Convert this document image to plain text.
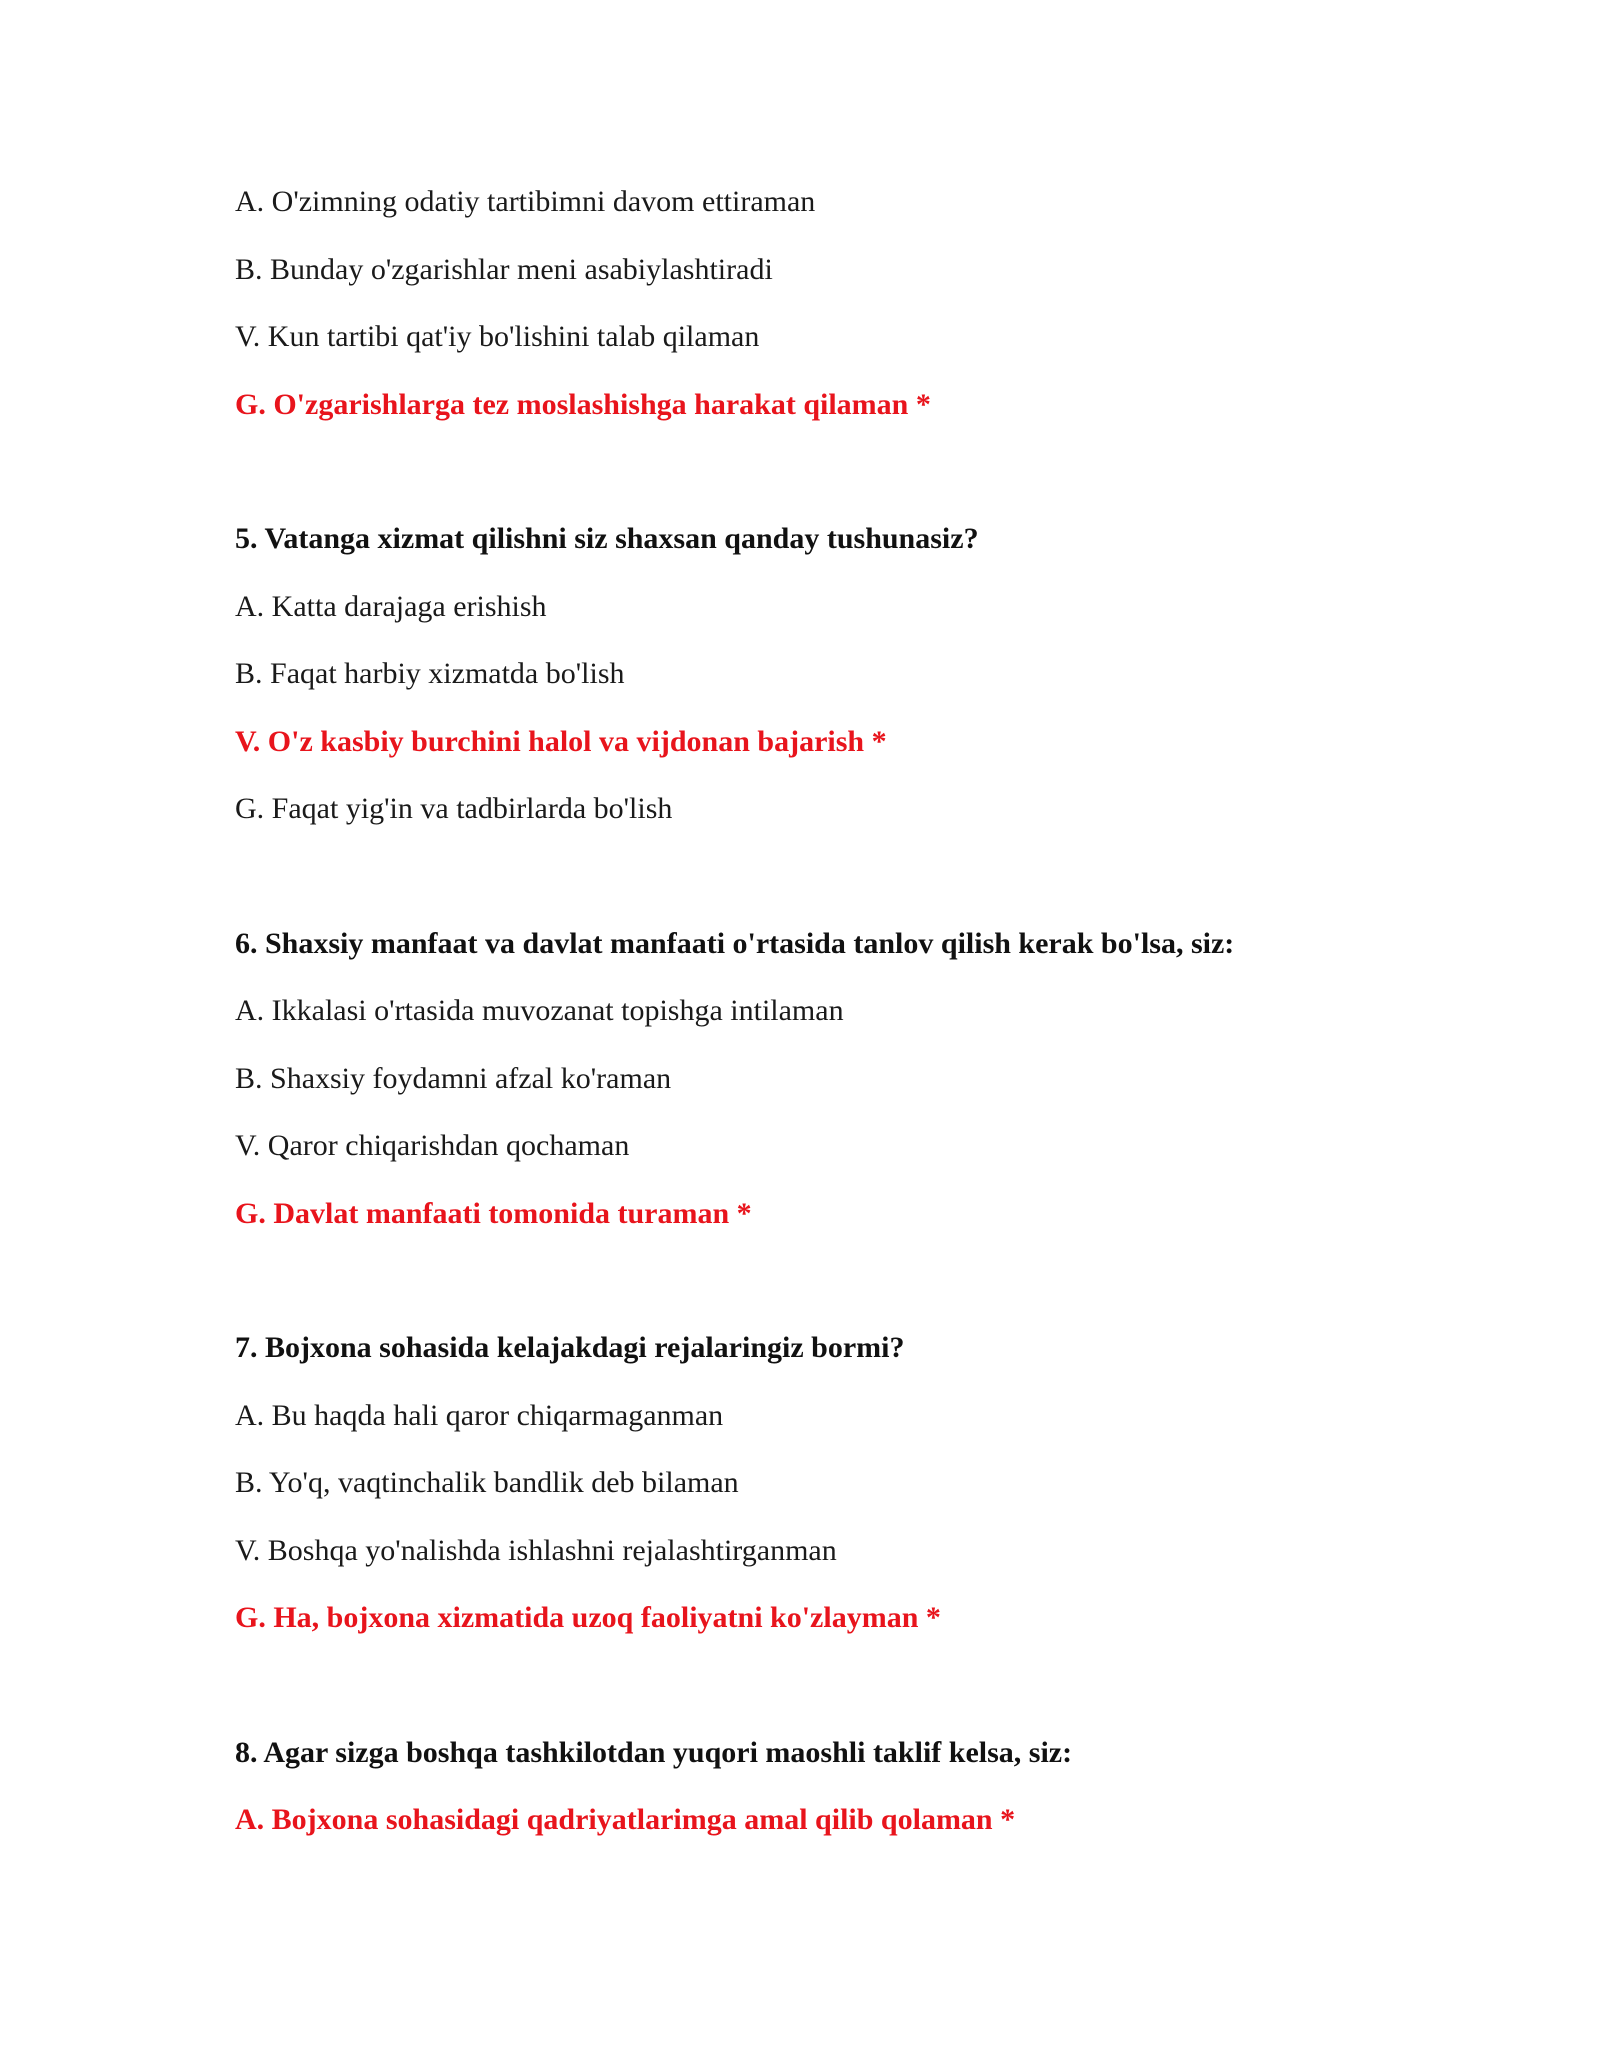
A. O'zimning odatiy tartibimni davom ettiraman
B. Bunday o'zgarishlar meni asabiylashtiradi
V. Kun tartibi qat'iy bo'lishini talab qilaman
G. O'zgarishlarga tez moslashishga harakat qilaman *
5. Vatanga xizmat qilishni siz shaxsan qanday tushunasiz?
A. Katta darajaga erishish
B. Faqat harbiy xizmatda bo'lish
V. O'z kasbiy burchini halol va vijdonan bajarish *
G. Faqat yig'in va tadbirlarda bo'lish
6. Shaxsiy manfaat va davlat manfaati o'rtasida tanlov qilish kerak bo'lsa, siz:
A. Ikkalasi o'rtasida muvozanat topishga intilaman
B. Shaxsiy foydamni afzal ko'raman
V. Qaror chiqarishdan qochaman
G. Davlat manfaati tomonida turaman *
7. Bojxona sohasida kelajakdagi rejalaringiz bormi?
A. Bu haqda hali qaror chiqarmaganman
B. Yo'q, vaqtinchalik bandlik deb bilaman
V. Boshqa yo'nalishda ishlashni rejalashtirganman
G. Ha, bojxona xizmatida uzoq faoliyatni ko'zlayman *
8. Agar sizga boshqa tashkilotdan yuqori maoshli taklif kelsa, siz:
A. Bojxona sohasidagi qadriyatlarimga amal qilib qolaman *
